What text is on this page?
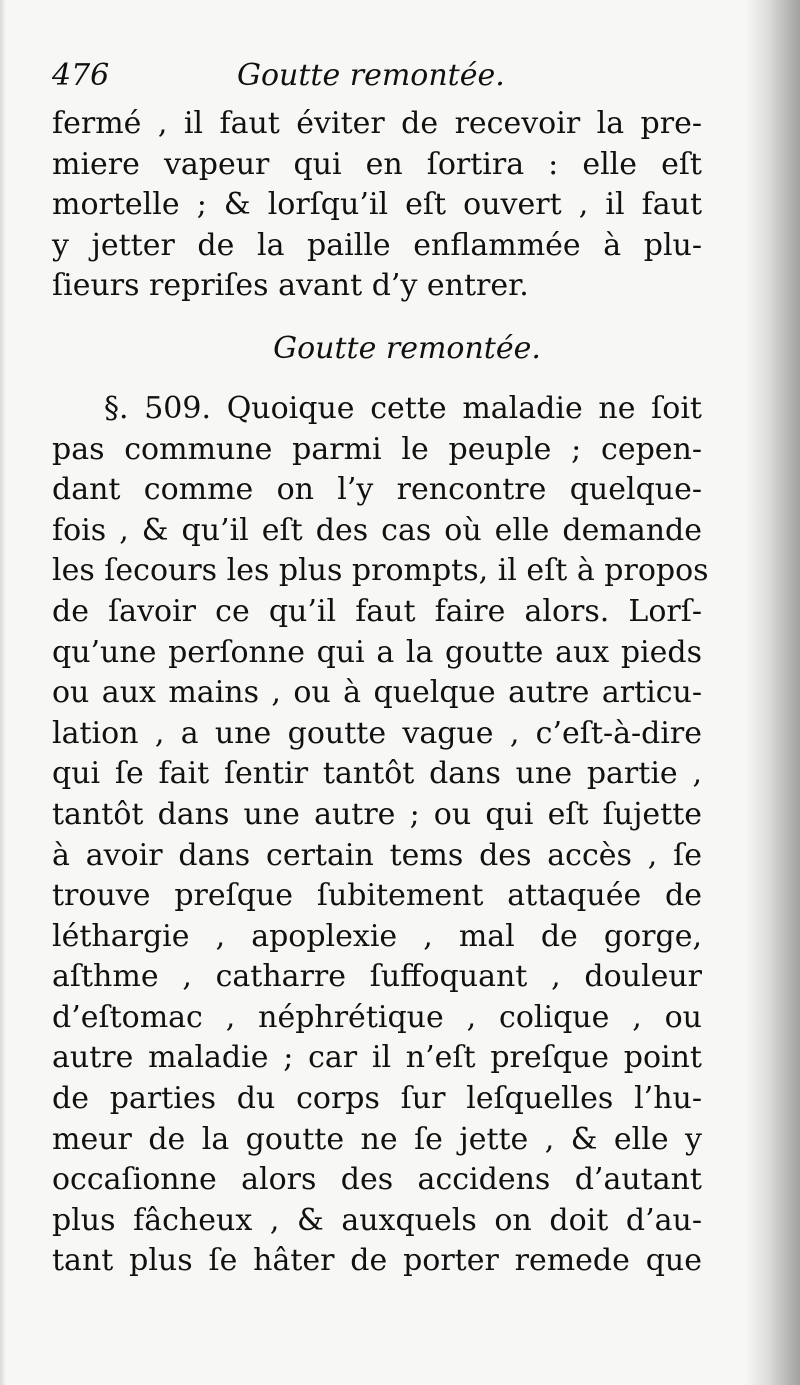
476	Goutte remontée.
fermé , il faut éviter de recevoir la pre-
miere vapeur qui en ſortira : elle eſt
mortelle ; & lorſqu’il eſt ouvert , il faut
y jetter de la paille enflammée à plu-
ſieurs repriſes avant d’y entrer.
Goutte remontée.
§. 509. Quoique cette maladie ne ſoit
pas commune parmi le peuple ; cepen-
dant comme on l’y rencontre quelque-
fois , & qu’il eſt des cas où elle demande
les ſecours les plus prompts, il eſt à propos
de ſavoir ce qu’il faut faire alors. Lorſ-
qu’une perſonne qui a la goutte aux pieds
ou aux mains , ou à quelque autre articu-
lation , a une goutte vague , c’eſt-à-dire
qui ſe fait ſentir tantôt dans une partie ,
tantôt dans une autre ; ou qui eſt ſujette
à avoir dans certain tems des accès , ſe
trouve preſque ſubitement attaquée de
léthargie , apoplexie , mal de gorge,
aſthme , catharre ſuffoquant , douleur
d’eſtomac , néphrétique , colique , ou
autre maladie ; car il n’eſt preſque point
de parties du corps ſur leſquelles l’hu-
meur de la goutte ne ſe jette , & elle y
occaſionne alors des accidens d’autant
plus fâcheux , & auxquels on doit d’au-
tant plus ſe hâter de porter remede que
